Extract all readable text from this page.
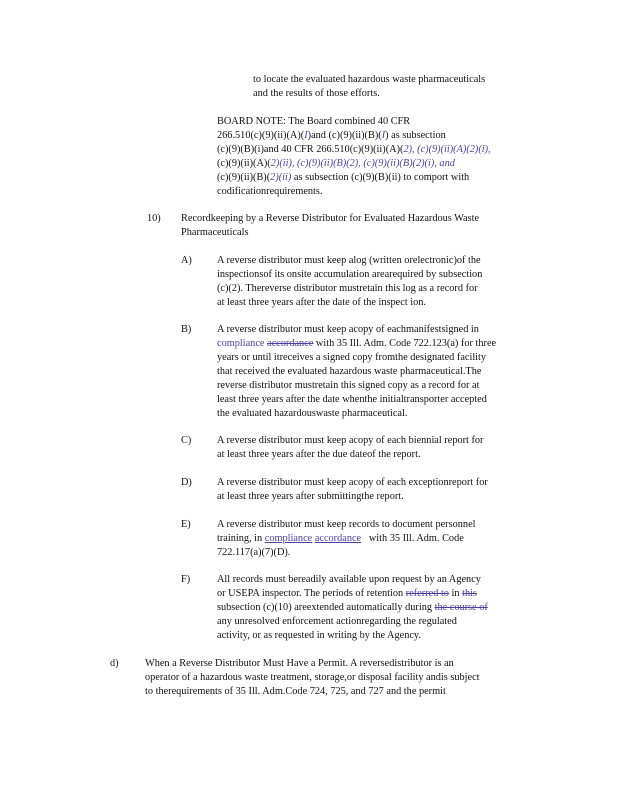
to locate the evaluated hazardous waste pharmaceuticals

and the results of those efforts.

BOARD NOTE: The Board combined 40 CFR

266.510(c)(9)(ii)(A)(I)and (c)(9)(ii)(B)(I) as subsection

(c)(9)(B)(i)and 40 CFR 266.510(c)(9)(ii)(A)(2), (c)(9)(ii)(A)(2)(i),

(c)(9)(ii)(A)(2)(ii), (c)(9)(ii)(B)(2), (c)(9)(ii)(B)(2)(i), and

(c)(9)(ii)(B)(2)(ii) as subsection (c)(9)(B)(ii) to comport with

codificationrequirements.

10) Recordkeeping by a Reverse Distributor for Evaluated Hazardous Waste

Pharmaceuticals

A) A reverse distributor must keep alog (written orelectronic)of the

inspectionsof its onsite accumulation arearequired by subsection

(c)(2). Thereverse distributor mustretain this log as a record for

at least three years after the date of the inspect ion.

B) A reverse distributor must keep acopy of eachmanifestsigned in

compliance accordance with 35 Ill. Adm. Code 722.123(a) for three

years or until itreceives a signed copy fromthe designated facility

that received the evaluated hazardous waste pharmaceutical.The

reverse distributor mustretain this signed copy as a record for at

least three years after the date whenthe initialtransporter accepted

the evaluated hazardouswaste pharmaceutical.

C) A reverse distributor must keep acopy of each biennial report for

at least three years after the due dateof the report.

D) A reverse distributor must keep acopy of each exceptionreport for

at least three years after submittingthe report.

E)	A reverse distributor must keep records to document personnel

training, in compliance accordance with 35 Ill. Adm. Code

722.117(a)(7)(D).

F)	All records must bereadily available upon request by an Agency

or USEPA inspector. The periods of retention referred to in this

subsection (c)(10) areextended automatically during the course of

any unresolved enforcement actionregarding the regulated

activity, or as requested in writing by the Agency.

d)	When a Reverse Distributor Must Have a Permit. A reversedistributor is an

operator of a hazardous waste treatment, storage,or disposal facility andis subject

to therequirements of 35 Ill. Adm.Code 724, 725, and 727 and the permit
